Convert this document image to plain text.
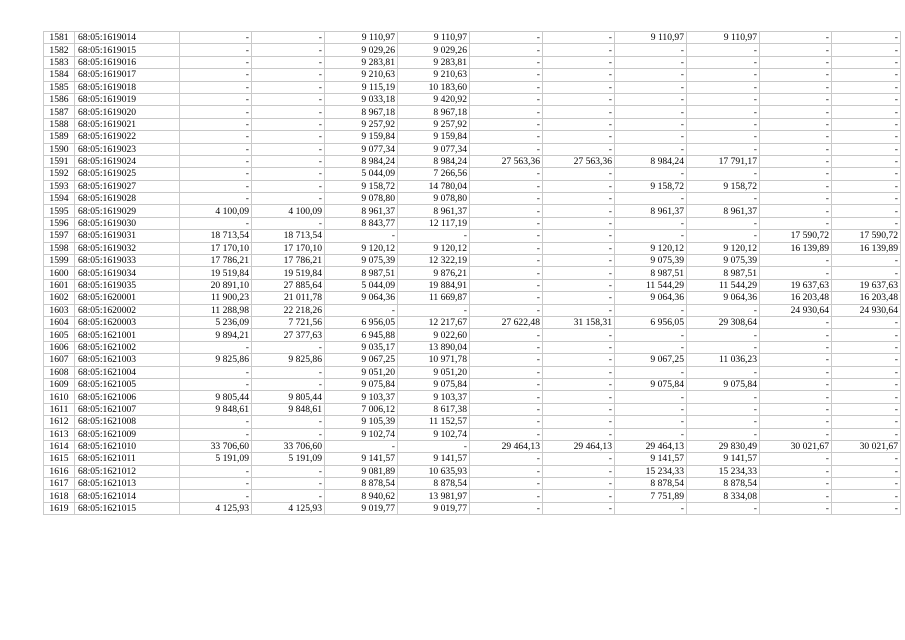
1581	68:05:1619014	-	-	9 110,97	9 110,97	-	-	9 110,97	9 110,97	-	-
1582	68:05:1619015	-	-	9 029,26	9 029,26	-	-	-	-	-	-
1583	68:05:1619016	-	-	9 283,81	9 283,81	-	-	-	-	-	-
1584	68:05:1619017	-	-	9 210,63	9 210,63	-	-	-	-	-	-
1585	68:05:1619018	-	-	9 115,19	10 183,60	-	-	-	-	-	-
1586	68:05:1619019	-	-	9 033,18	9 420,92	-	-	-	-	-	-
1587	68:05:1619020	-	-	8 967,18	8 967,18	-	-	-	-	-	-
1588	68:05:1619021	-	-	9 257,92	9 257,92	-	-	-	-	-	-
1589	68:05:1619022	-	-	9 159,84	9 159,84	-	-	-	-	-	-
1590	68:05:1619023	-	-	9 077,34	9 077,34	-	-	-	-	-	-
1591	68:05:1619024	-	-	8 984,24	8 984,24	27 563,36	27 563,36	8 984,24	17 791,17	-	-
1592	68:05:1619025	-	-	5 044,09	7 266,56	-	-	-	-	-	-
1593	68:05:1619027	-	-	9 158,72	14 780,04	-	-	9 158,72	9 158,72	-	-
1594	68:05:1619028	-	-	9 078,80	9 078,80	-	-	-	-	-	-
1595	68:05:1619029	4 100,09	4 100,09	8 961,37	8 961,37	-	-	8 961,37	8 961,37	-	-
1596	68:05:1619030	-	-	8 843,77	12 117,19	-	-	-	-	-	-
1597	68:05:1619031	18 713,54	18 713,54	-	-	-	-	-	-	17 590,72	17 590,72
1598	68:05:1619032	17 170,10	17 170,10	9 120,12	9 120,12	-	-	9 120,12	9 120,12	16 139,89	16 139,89
1599	68:05:1619033	17 786,21	17 786,21	9 075,39	12 322,19	-	-	9 075,39	9 075,39	-	-
1600	68:05:1619034	19 519,84	19 519,84	8 987,51	9 876,21	-	-	8 987,51	8 987,51	-	-
1601	68:05:1619035	20 891,10	27 885,64	5 044,09	19 884,91	-	-	11 544,29	11 544,29	19 637,63	19 637,63
1602	68:05:1620001	11 900,23	21 011,78	9 064,36	11 669,87	-	-	9 064,36	9 064,36	16 203,48	16 203,48
1603	68:05:1620002	11 288,98	22 218,26	-	-	-	-	-	-	24 930,64	24 930,64
1604	68:05:1620003	5 236,09	7 721,56	6 956,05	12 217,67	27 622,48	31 158,31	6 956,05	29 308,64	-	-
1605	68:05:1621001	9 894,21	27 377,63	6 945,88	9 022,60	-	-	-	-	-	-
1606	68:05:1621002	-	-	9 035,17	13 890,04	-	-	-	-	-	-
1607	68:05:1621003	9 825,86	9 825,86	9 067,25	10 971,78	-	-	9 067,25	11 036,23	-	-
1608	68:05:1621004	-	-	9 051,20	9 051,20	-	-	-	-	-	-
1609	68:05:1621005	-	-	9 075,84	9 075,84	-	-	9 075,84	9 075,84	-	-
1610	68:05:1621006	9 805,44	9 805,44	9 103,37	9 103,37	-	-	-	-	-	-
1611	68:05:1621007	9 848,61	9 848,61	7 006,12	8 617,38	-	-	-	-	-	-
1612	68:05:1621008	-	-	9 105,39	11 152,57	-	-	-	-	-	-
1613	68:05:1621009	-	-	9 102,74	9 102,74	-	-	-	-	-	-
1614	68:05:1621010	33 706,60	33 706,60	-	-	29 464,13	29 464,13	29 464,13	29 830,49	30 021,67	30 021,67
1615	68:05:1621011	5 191,09	5 191,09	9 141,57	9 141,57	-	-	9 141,57	9 141,57	-	-
1616	68:05:1621012	-	-	9 081,89	10 635,93	-	-	15 234,33	15 234,33	-	-
1617	68:05:1621013	-	-	8 878,54	8 878,54	-	-	8 878,54	8 878,54	-	-
1618	68:05:1621014	-	-	8 940,62	13 981,97	-	-	7 751,89	8 334,08	-	-
1619	68:05:1621015	4 125,93	4 125,93	9 019,77	9 019,77	-	-	-	-	-	-
